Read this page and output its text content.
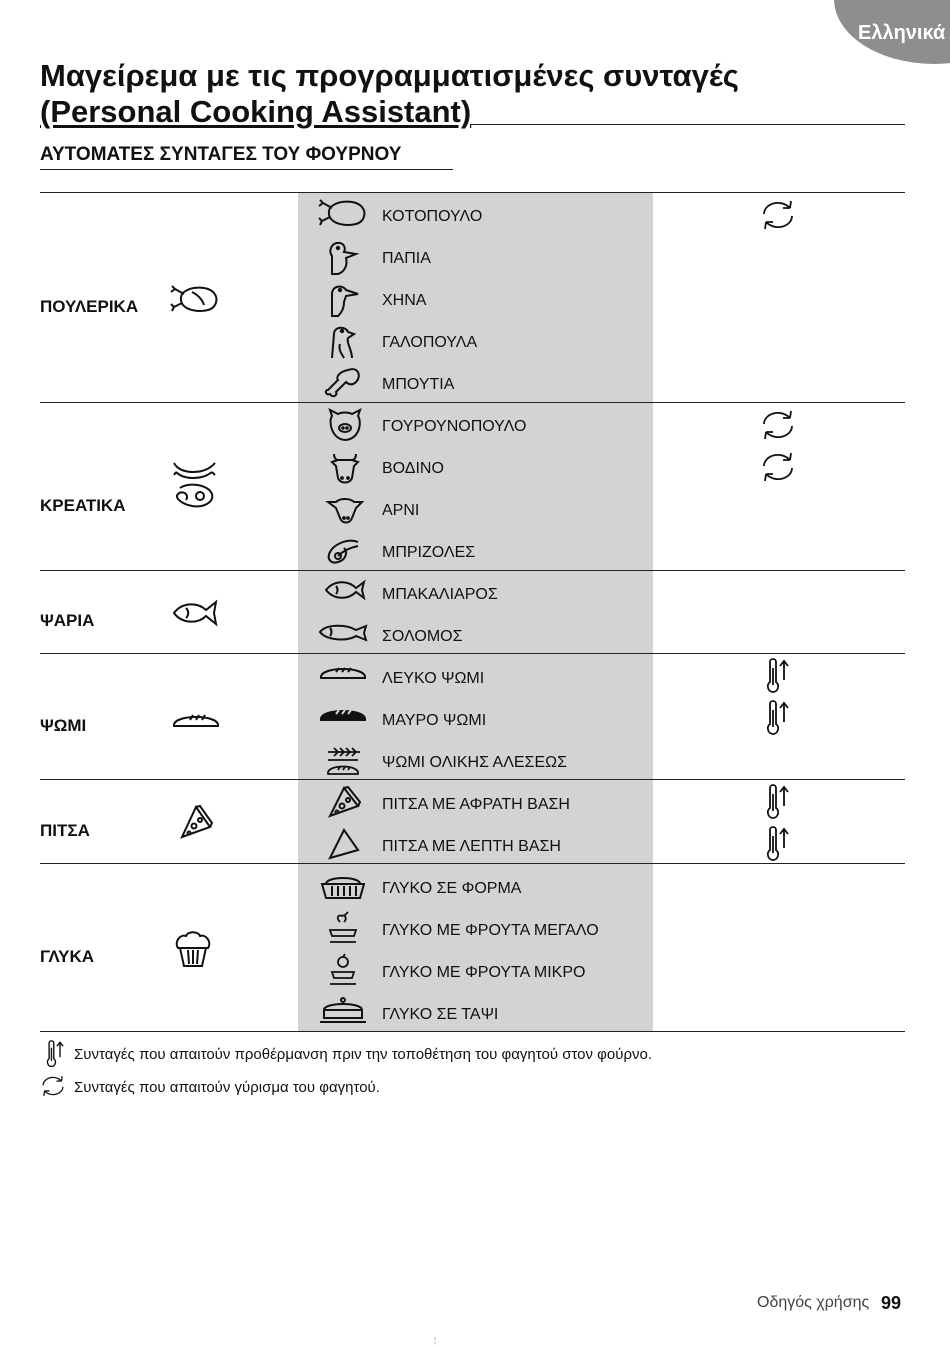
Ελληνικά
Μαγείρεμα με τις προγραμματισμένες συνταγές
(Personal Cooking Assistant)
ΑΥΤΟΜΑΤΕΣ ΣΥΝΤΑΓΕΣ ΤΟΥ ΦΟΥΡΝΟΥ
ΠΟΥΛΕΡΙΚΑ
ΚΡΕΑΤΙΚΑ
ΨΑΡΙΑ
ΨΩΜΙ
ΠΙΤΣΑ
ΓΛΥΚΑ
ΚΟΤΟΠΟΥΛΟ
ΠΑΠΙΑ
ΧΗΝΑ
ΓΑΛΟΠΟΥΛΑ
ΜΠΟΥΤΙΑ
ΓΟΥΡΟΥΝΟΠΟΥΛΟ
ΒΟΔΙΝΟ
ΑΡΝΙ
ΜΠΡΙΖΟΛΕΣ
ΜΠΑΚΑΛΙΑΡΟΣ
ΣΟΛΟΜΟΣ
ΛΕΥΚΟ ΨΩΜΙ
ΜΑΥΡΟ ΨΩΜΙ
ΨΩΜΙ ΟΛΙΚΗΣ ΑΛΕΣΕΩΣ
ΠΙΤΣΑ ΜΕ ΑΦΡΑΤΗ ΒΑΣΗ
ΠΙΤΣΑ ΜΕ ΛΕΠΤΗ ΒΑΣΗ
ΓΛΥΚΟ ΣΕ ΦΟΡΜΑ
ΓΛΥΚΟ ΜΕ ΦΡΟΥΤΑ ΜΕΓΑΛΟ
ΓΛΥΚΟ ΜΕ ΦΡΟΥΤΑ ΜΙΚΡΟ
ΓΛΥΚΟ ΣΕ ΤΑΨΙ
Συνταγές που απαιτούν προθέρμανση πριν την τοποθέτηση του φαγητού στον φούρνο.
Συνταγές που απαιτούν γύρισμα του φαγητού.
Οδηγός χρήσης 99
¦
